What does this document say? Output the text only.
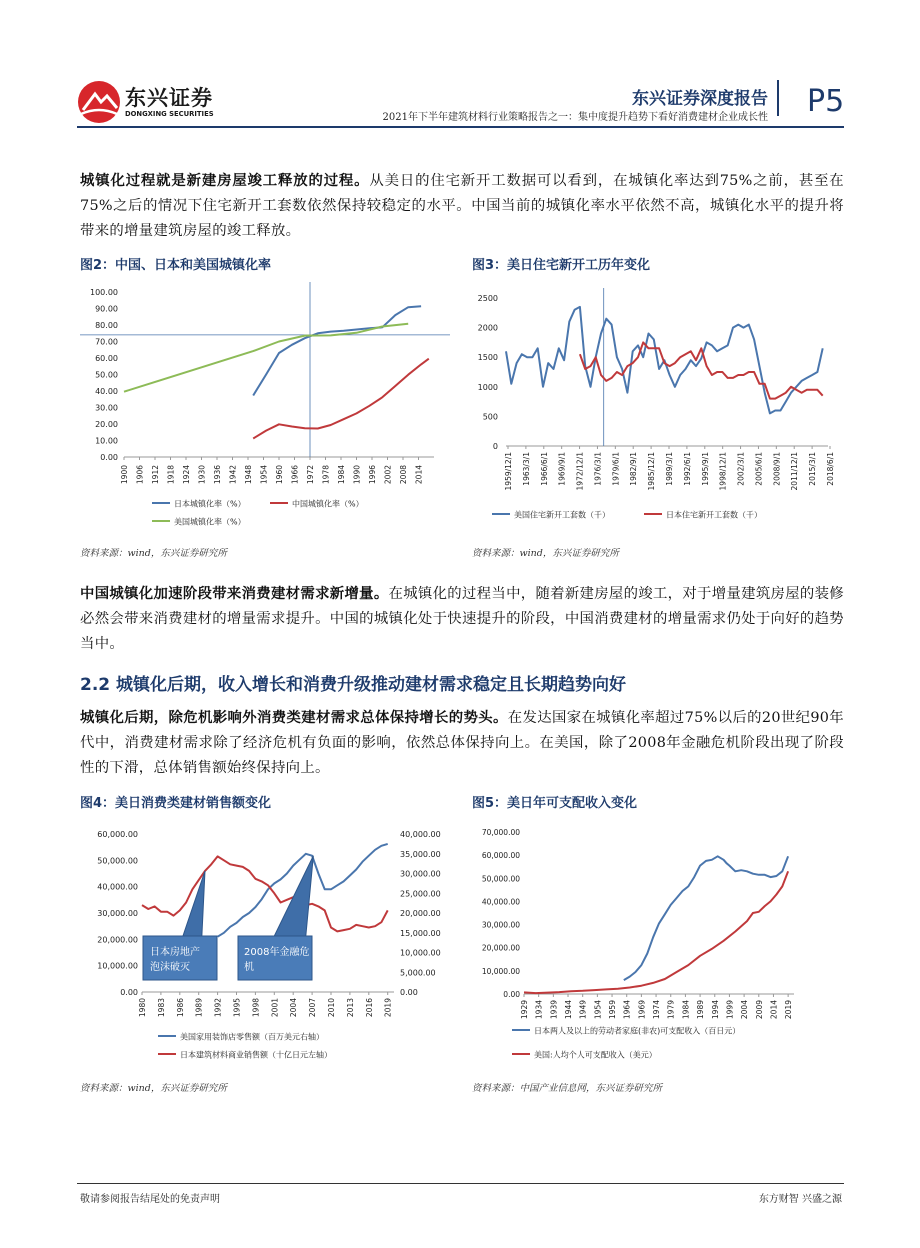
东兴证券
DONGXING SECURITIES
东兴证券深度报告
2021年下半年建筑材料行业策略报告之一：集中度提升趋势下看好消费建材企业成长性 P5
城镇化过程就是新建房屋竣工释放的过程。从美日的住宅新开工数据可以看到，在城镇化率达到75%之前，甚至在75%之后的情况下住宅新开工套数依然保持较稳定的水平。中国当前的城镇化率水平依然不高，城镇化水平的提升将带来的增量建筑房屋的竣工释放。
图2：中国、日本和美国城镇化率
0.00
10.00
20.00
30.00
40.00
50.00
60.00
70.00
80.00
90.00
100.00
1900 1906 1912 1918 1924 1930 1936 1942 1948 1954 1960 1966 1972 1978 1984 1990 1996 2002 2008 2014
日本城镇化率（%）	中国城镇化率（%）
美国城镇化率（%）
资料来源：wind，东兴证券研究所
图3：美日住宅新开工历年变化
0
500
1000
1500
2000
2500
1959/12/1 1963/3/1 1966/6/1 1969/9/1 1972/12/1 1976/3/1 1979/6/1 1982/9/1 1985/12/1 1989/3/1 1992/6/1 1995/9/1 1998/12/1 2002/3/1 2005/6/1 2008/9/1 2011/12/1 2015/3/1 2018/6/1
美国住宅新开工套数（千）	日本住宅新开工套数（千）
资料来源：wind，东兴证券研究所
中国城镇化加速阶段带来消费建材需求新增量。在城镇化的过程当中，随着新建房屋的竣工，对于增量建筑房屋的装修必然会带来消费建材的增量需求提升。中国的城镇化处于快速提升的阶段，中国消费建材的增量需求仍处于向好的趋势当中。
2.2 城镇化后期，收入增长和消费升级推动建材需求稳定且长期趋势向好
城镇化后期，除危机影响外消费类建材需求总体保持增长的势头。在发达国家在城镇化率超过75%以后的20世纪90年代中，消费建材需求除了经济危机有负面的影响，依然总体保持向上。在美国，除了2008年金融危机阶段出现了阶段性的下滑，总体销售额始终保持向上。
图4：美日消费类建材销售额变化
0.00
10,000.00
20,000.00
30,000.00
40,000.00
50,000.00
60,000.00
0.00
5,000.00
10,000.00
15,000.00
20,000.00
25,000.00
30,000.00
35,000.00
40,000.00
1980 1983 1986 1989 1992 1995 1998 2001 2004 2007 2010 2013 2016 2019
日本房地产
泡沫破灭
2008年金融危
机
美国家用装饰店零售额（百万美元右轴）
日本建筑材料商业销售额（十亿日元左轴）
资料来源：wind，东兴证券研究所
图5：美日年可支配收入变化
0.00
10,000.00
20,000.00
30,000.00
40,000.00
50,000.00
60,000.00
70,000.00
1929 1934 1939 1944 1949 1954 1959 1964 1969 1974 1979 1984 1989 1994 1999 2004 2009 2014 2019
日本两人及以上的劳动者家庭(非农)可支配收入（百日元）
美国:人均个人可支配收入（美元）
资料来源：中国产业信息网，东兴证券研究所
敬请参阅报告结尾处的免责声明	东方财智 兴盛之源
